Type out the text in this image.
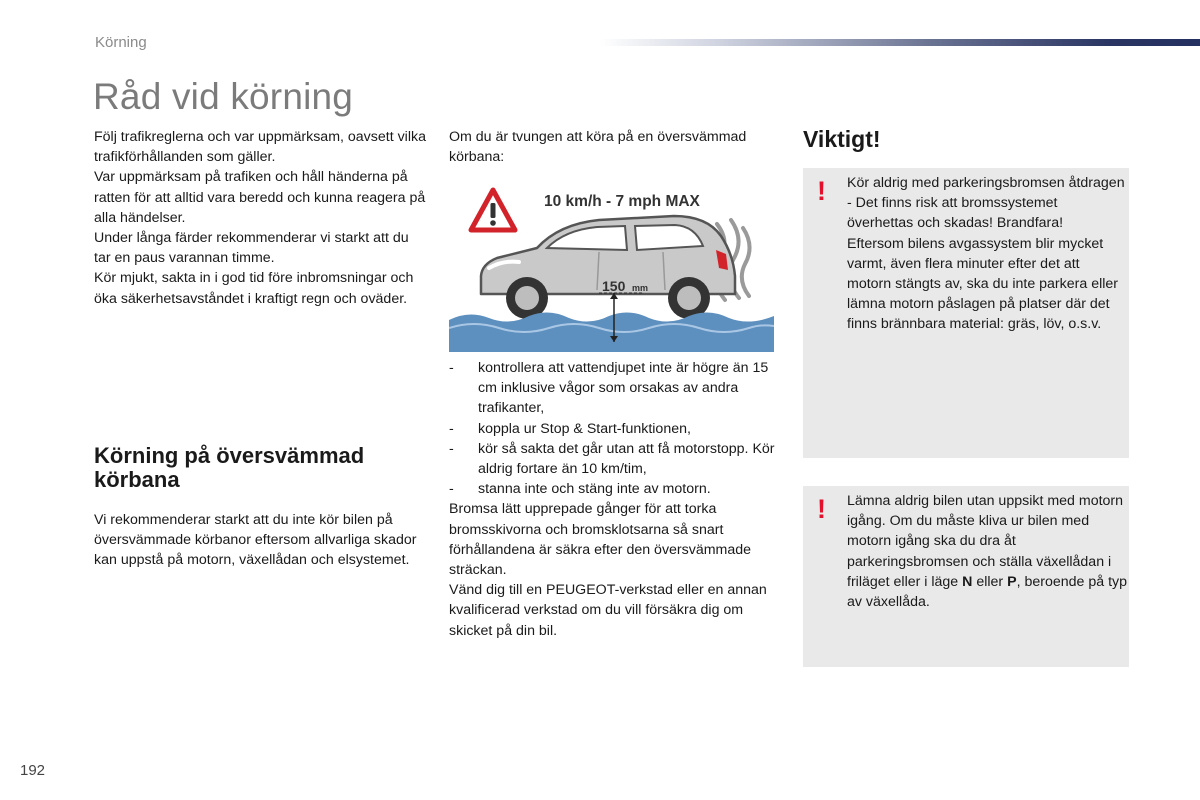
Körning
Råd vid körning

Följ trafikreglerna och var uppmärksam, oavsett vilka trafikförhållanden som gäller.

Var uppmärksam på trafiken och håll händerna på ratten för att alltid vara beredd och kunna reagera på alla händelser.

Under långa färder rekommenderar vi starkt att du tar en paus varannan timme.

Kör mjukt, sakta in i god tid före inbromsningar och öka säkerhetsavståndet i kraftigt regn och oväder.

Körning på översvämmad körbana

Vi rekommenderar starkt att du inte kör bilen på översvämmade körbanor eftersom allvarliga skador kan uppstå på motorn, växellådan och elsystemet.

Om du är tvungen att köra på en översvämmad körbana:

10 km/h - 7 mph MAX
150 mm
- kontrollera att vattendjupet inte är högre än 15 cm inklusive vågor som orsakas av andra trafikanter,
- koppla ur Stop & Start-funktionen,
- kör så sakta det går utan att få motorstopp. Kör aldrig fortare än 10 km/tim,
- stanna inte och stäng inte av motorn.

Bromsa lätt upprepade gånger för att torka bromsskivorna och bromsklotsarna så snart förhållandena är säkra efter den översvämmade sträckan.

Vänd dig till en PEUGEOT-verkstad eller en annan kvalificerad verkstad om du vill försäkra dig om skicket på din bil.

Viktigt!
! Kör aldrig med parkeringsbromsen åtdragen - Det finns risk att bromssystemet överhettas och skadas! Brandfara!

Eftersom bilens avgassystem blir mycket varmt, även flera minuter efter det att motorn stängts av, ska du inte parkera eller lämna motorn påslagen på platser där det finns brännbara material: gräs, löv, o.s.v.

! Lämna aldrig bilen utan uppsikt med motorn igång. Om du måste kliva ur bilen med motorn igång ska du dra åt parkeringsbromsen och ställa växellådan i friläget eller i läge N eller P, beroende på typ av växellåda.

192
